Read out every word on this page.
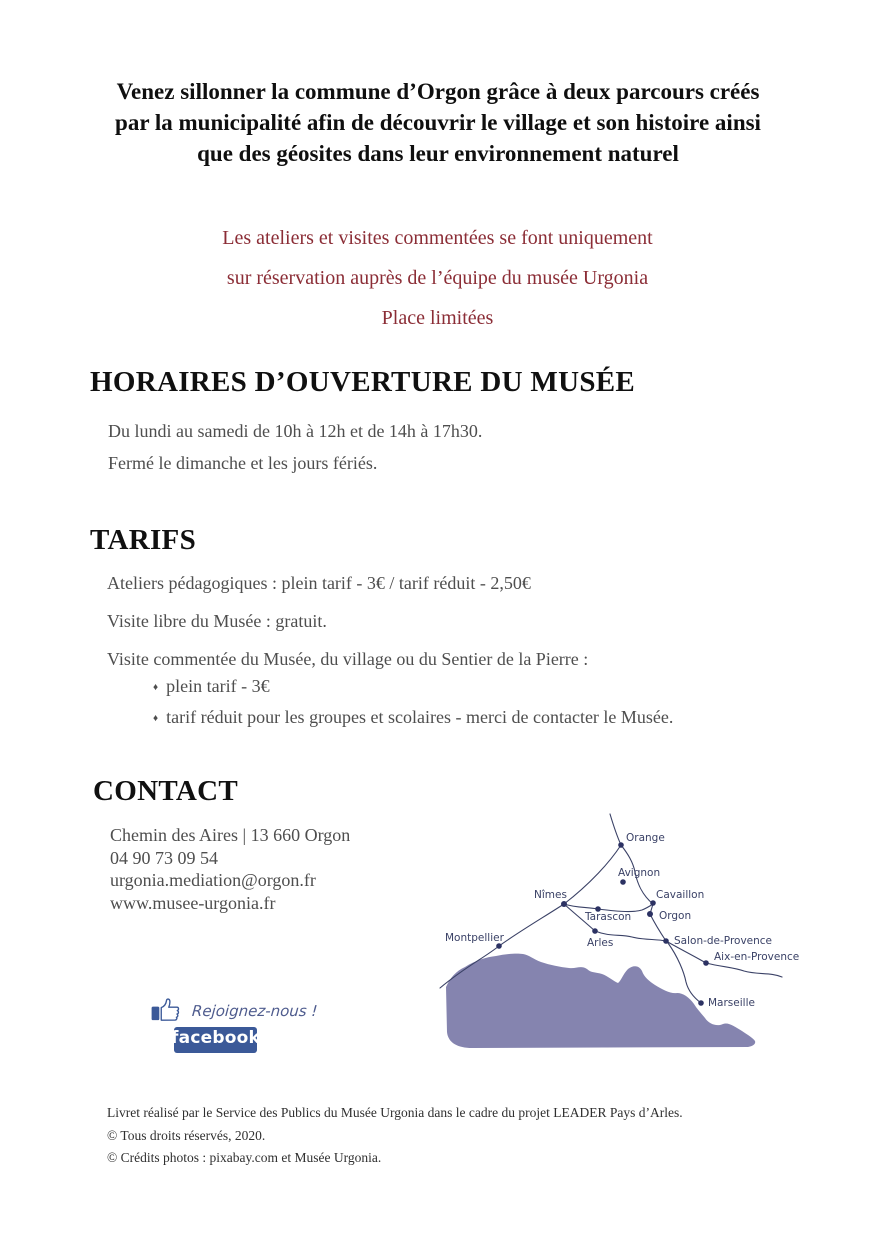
Venez sillonner la commune d’Orgon grâce à deux parcours créés
par la municipalité afin de découvrir le village et son histoire ainsi
que des géosites dans leur environnement naturel
Les ateliers et visites commentées se font uniquement
sur réservation auprès de l’équipe du musée Urgonia
Place limitées
HORAIRES D’OUVERTURE DU MUSÉE
Du lundi au samedi de 10h à 12h et de 14h à 17h30.
Fermé le dimanche et les jours fériés.
TARIFS
Ateliers pédagogiques : plein tarif - 3€ / tarif réduit - 2,50€
Visite libre du Musée : gratuit.
Visite commentée du Musée, du village ou du Sentier de la Pierre :
♦ plein tarif - 3€
♦ tarif réduit pour les groupes et scolaires - merci de contacter le Musée.
CONTACT
Chemin des Aires | 13 660 Orgon
04 90 73 09 54
urgonia.mediation@orgon.fr
www.musee-urgonia.fr
Orange
Avignon
Nîmes	Cavaillon
Tarascon	Orgon
Montpellier	Arles	Salon-de-Provence
Aix-en-Provence
Marseille
Rejoignez-nous !
facebook
Livret réalisé par le Service des Publics du Musée Urgonia dans le cadre du projet LEADER Pays d’Arles.
© Tous droits réservés, 2020.
© Crédits photos : pixabay.com et Musée Urgonia.
